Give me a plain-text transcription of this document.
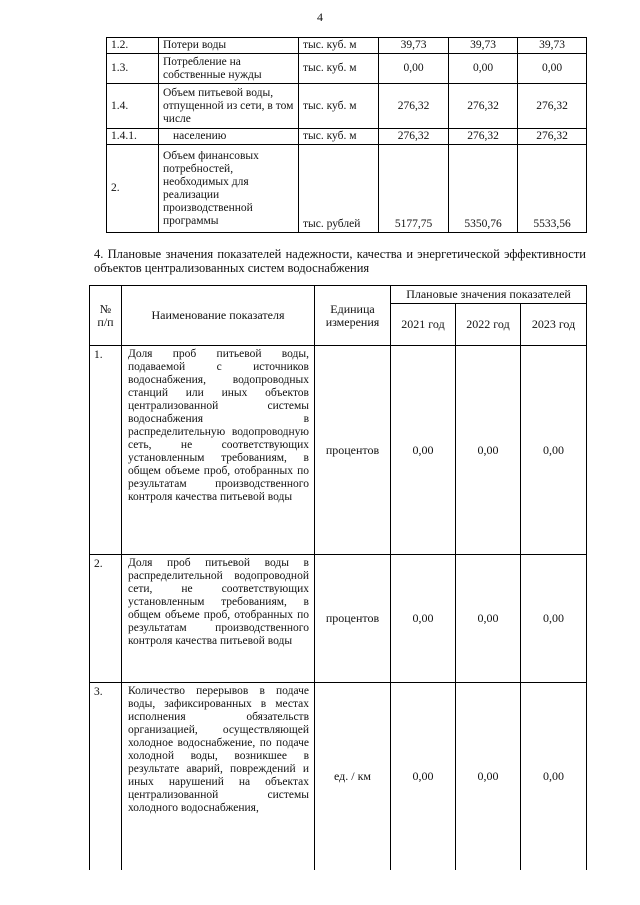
4
1.2.	Потери воды	тыс. куб. м	39,73	39,73	39,73
1.3.	Потребление на собственные нужды	тыс. куб. м	0,00	0,00	0,00
1.4.	Объем питьевой воды, отпущенной из сети, в том числе	тыс. куб. м	276,32	276,32	276,32
1.4.1.	населению	тыс. куб. м	276,32	276,32	276,32
2.	Объем финансовых потребностей, необходимых для реализации производственной программы	тыс. рублей	5177,75	5350,76	5533,56
4. Плановые значения показателей надежности, качества и энергетической эффективности объектов централизованных систем водоснабжения
№ п/п	Наименование показателя	Единица измерения	Плановые значения показателей		
			2021 год	2022 год	2023 год
1.	Доля проб питьевой воды, подаваемой с источников водоснабжения, водопроводных станций или иных объектов централизованной системы водоснабжения в распределительную водопроводную сеть, не соответствующих установленным требованиям, в общем объеме проб, отобранных по результатам производственного контроля качества питьевой воды	процентов	0,00	0,00	0,00
2.	Доля проб питьевой воды в распределительной водопроводной сети, не соответствующих установленным требованиям, в общем объеме проб, отобранных по результатам производственного контроля качества питьевой воды	процентов	0,00	0,00	0,00
3.	Количество перерывов в подаче воды, зафиксированных в местах исполнения обязательств организацией, осуществляющей холодное водоснабжение, по подаче холодной воды, возникшее в результате аварий, повреждений и иных нарушений на объектах централизованной системы холодного водоснабжения,	ед. / км	0,00	0,00	0,00
